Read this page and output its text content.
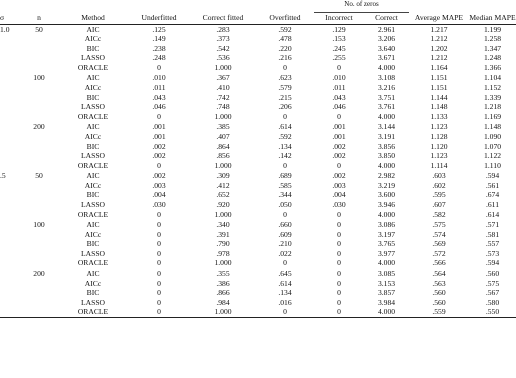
						No. of zeros			
σ	n	Method	Underfitted	Correct fitted	Overfitted	Incorrect	Correct	Average MAPE	Median MAPE
1.0	50	AIC	.125	.283	.592	.129	2.961	1.217	1.199
		AICc	.149	.373	.478	.153	3.206	1.212	1.258
		BIC	.238	.542	.220	.245	3.640	1.202	1.347
		LASSO	.248	.536	.216	.255	3.671	1.212	1.248
		ORACLE	0	1.000	0	0	4.000	1.164	1.366
	100	AIC	.010	.367	.623	.010	3.108	1.151	1.104
		AICc	.011	.410	.579	.011	3.216	1.151	1.152
		BIC	.043	.742	.215	.043	3.751	1.144	1.339
		LASSO	.046	.748	.206	.046	3.761	1.148	1.218
		ORACLE	0	1.000	0	0	4.000	1.133	1.169
	200	AIC	.001	.385	.614	.001	3.144	1.123	1.148
		AICc	.001	.407	.592	.001	3.191	1.128	1.090
		BIC	.002	.864	.134	.002	3.856	1.120	1.070
		LASSO	.002	.856	.142	.002	3.850	1.123	1.122
		ORACLE	0	1.000	0	0	4.000	1.114	1.110
.5	50	AIC	.002	.309	.689	.002	2.982	.603	.594
		AICc	.003	.412	.585	.003	3.219	.602	.561
		BIC	.004	.652	.344	.004	3.600	.595	.674
		LASSO	.030	.920	.050	.030	3.946	.607	.611
		ORACLE	0	1.000	0	0	4.000	.582	.614
	100	AIC	0	.340	.660	0	3.086	.575	.571
		AICc	0	.391	.609	0	3.197	.574	.581
		BIC	0	.790	.210	0	3.765	.569	.557
		LASSO	0	.978	.022	0	3.977	.572	.573
		ORACLE	0	1.000	0	0	4.000	.566	.594
	200	AIC	0	.355	.645	0	3.085	.564	.560
		AICc	0	.386	.614	0	3.153	.563	.575
		BIC	0	.866	.134	0	3.857	.560	.567
		LASSO	0	.984	.016	0	3.984	.560	.580
		ORACLE	0	1.000	0	0	4.000	.559	.550
